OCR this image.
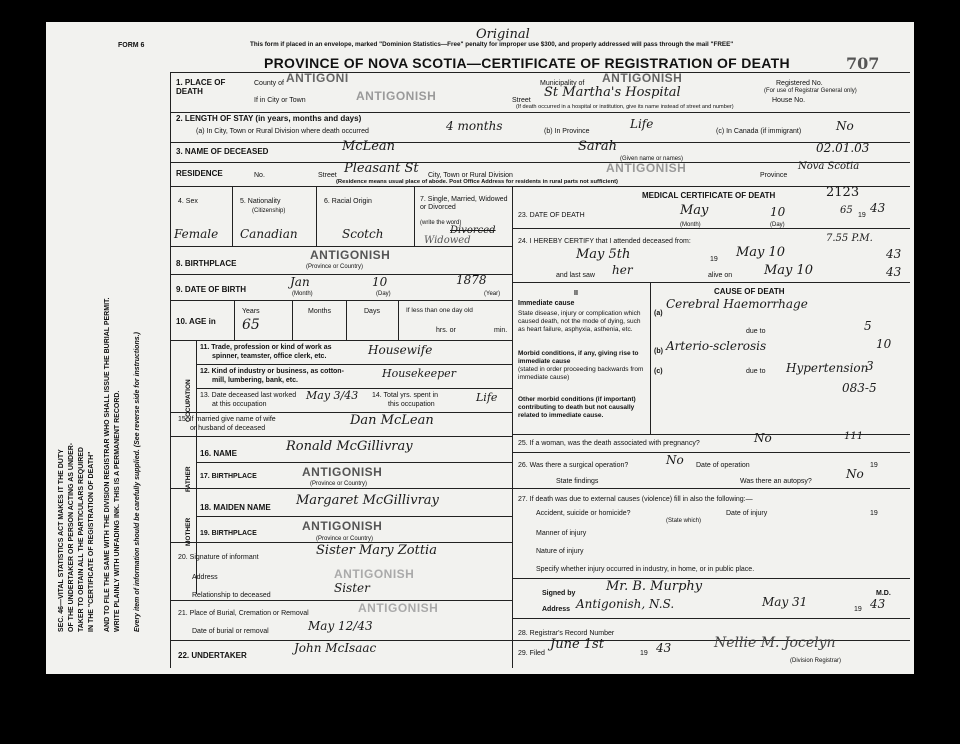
FORM 6	This form if placed in an envelope, marked "Dominion Statistics—Free" penalty for improper use $300, and properly addressed will pass through the mail "FREE"
Original
PROVINCE OF NOVA SCOTIA—CERTIFICATE OF REGISTRATION OF DEATH	707
SEC. 46—VITAL STATISTICS ACT MAKES IT THE DUTY OF THE UNDERTAKER OR PERSON ACTING AS UNDER- TAKER TO OBTAIN ALL THE PARTICULARS REQUIRED IN THE "CERTIFICATE OF REGISTRATION OF DEATH" AND TO FILE THE SAME WITH THE DIVISION REGISTRAR WHO SHALL ISSUE THE BURIAL PERMIT. WRITE PLAINLY WITH UNFADING INK. THIS IS A PERMANENT RECORD. Every item of information should be carefully supplied. (See reverse side for instructions.)
1. PLACE OF DEATH
County of ANTIGONI	Municipality of ANTIGONISH	Registered No.
(For use of Registrar General only)
If in City or Town	ANTIGONISH	Street
St Martha's Hospital
House No.
(If death occurred in a hospital or institution, give its name instead of street and number)
2. LENGTH OF STAY (in years, months and days)
(a) In City, Town or Rural Division where death occurred	4 months	(b) In Province
Life
(c) In Canada (if immigrant)	No
3. NAME OF DECEASED	McLean	Sarah
(Given name or names)
02.01.03
RESIDENCE	No.	Street Pleasant St City, Town or Rural Division
ANTIGONISH
Province
Nova Scotia
(Residence means usual place of abode. Post Office Address for residents in rural parts not sufficient)
4. Sex
Female
5. Nationality
(Citizenship)
Canadian
6. Racial Origin
Scotch
7. Single, Married, Widowed or Divorced
(write the word)
Divorced
Widowed
8. BIRTHPLACE
ANTIGONISH
(Province or Country)
9. DATE OF BIRTH
Jan	10	1878
(Month)	(Day)	(Year)
10. AGE in
Years
65
Months	Days	If less than one day old
hrs. or	min.
OCCUPATION
11. Trade, profession or kind of work as
spinner, teamster, office clerk, etc.	Housewife
12. Kind of industry or business, as cotton-
mill, lumbering, bank, etc.
Housekeeper
13. Date deceased last worked
at this occupation
May 3/43 14. Total yrs. spent in
this occupation
Life
15. If married give name of wife
or husband of deceased
Dan McLean
FATHER
16. NAME	Ronald McGillivray
17. BIRTHPLACE	ANTIGONISH
(Province or Country)
MOTHER
18. MAIDEN NAME Margaret McGillivray
19. BIRTHPLACE
ANTIGONISH
(Province or Country)
20. Signature of informant	Sister Mary Zottia
Address	ANTIGONISH
Relationship to deceased
Sister
21. Place of Burial, Cremation or Removal	ANTIGONISH
Date of burial or removal	May 12/43
22. UNDERTAKER
John McIsaac
MEDICAL CERTIFICATE OF DEATH	2123
23. DATE OF DEATH	May	10	65 19
43
(Month)	(Day)
24. I HEREBY CERTIFY that I attended deceased from:
May 5th	19 May 10
7.55 P.M.
43
and last saw her	alive on May 10	43
CAUSE OF DEATH
II
Immediate cause
State disease, injury or complication which caused death, not the mode of dying, such as heart failure, asphyxia, asthenia, etc.
(a)
Cerebral Haemorrhage
due to	5
Morbid conditions, if any, giving rise to immediate cause
(stated in order proceeding backwards from immediate cause)
(b) Arterio-sclerosis	10
due to
(c)	Hypertension
3
Other morbid conditions (if important) contributing to death but not causally related to immediate cause.
083-5
25. If a woman, was the death associated with pregnancy?	No	111
26. Was there a surgical operation?	No Date of operation	19
State findings	Was there an autopsy?
No
27. If death was due to external causes (violence) fill in also the following:—
Accident, suicide or homicide?
(State which)
Date of injury	19
Manner of injury
Nature of injury
Specify whether injury occurred in industry, in home, or in public place.
Signed by Mr. B. Murphy	M.D.
Address Antigonish, N.S.	May 31
19 43
28. Registrar's Record Number
29. Filed
June 1st
19 43	Nellie M. Jocelyn
(Division Registrar)
